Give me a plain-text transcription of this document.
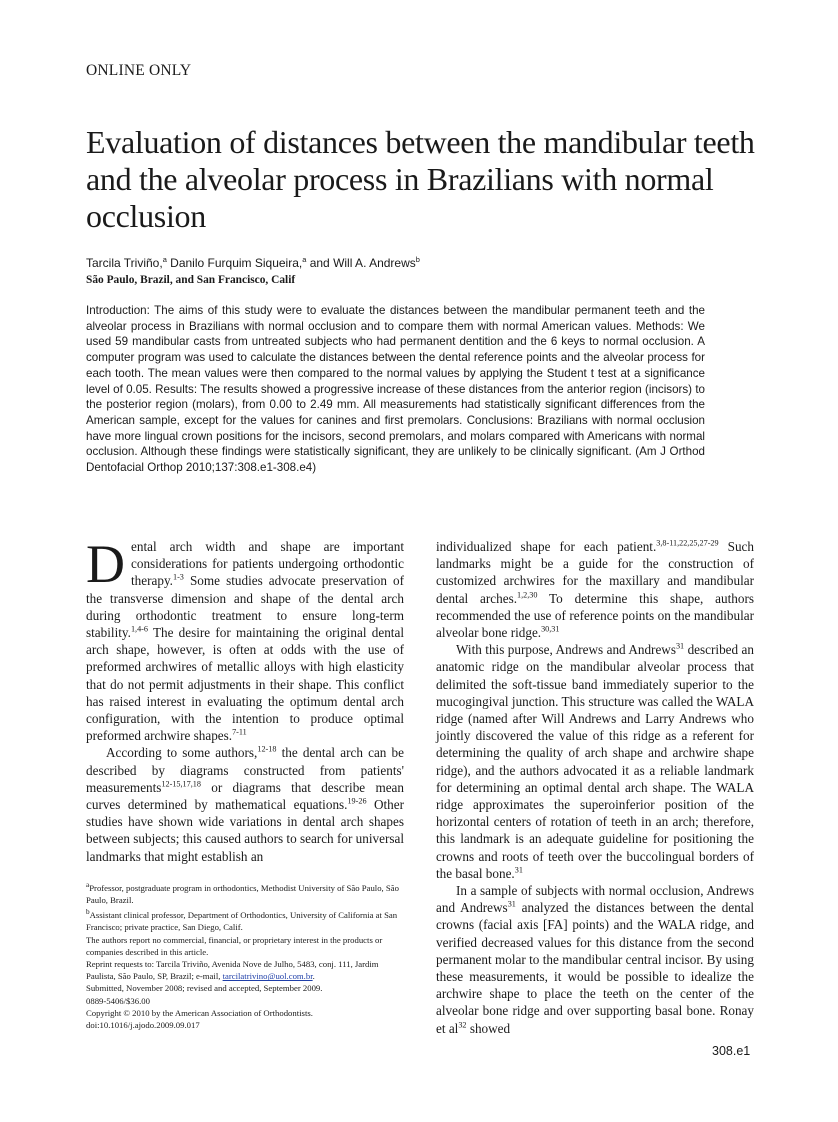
ONLINE ONLY
Evaluation of distances between the mandibular teeth and the alveolar process in Brazilians with normal occlusion
Tarcila Triviño,$^a$ Danilo Furquim Siqueira,$^a$ and Will A. Andrews$^b$
São Paulo, Brazil, and San Francisco, Calif

Introduction: The aims of this study were to evaluate the distances between the mandibular permanent teeth and the alveolar process in Brazilians with normal occlusion and to compare them with normal American values. Methods: We used 59 mandibular casts from untreated subjects who had permanent dentition and the 6 keys to normal occlusion. A computer program was used to calculate the distances between the dental reference points and the alveolar process for each tooth. The mean values were then compared to the normal values by applying the Student t test at a significance level of 0.05. Results: The results showed a progressive increase of these distances from the anterior region (incisors) to the posterior region (molars), from 0.00 to 2.49 mm. All measurements had statistically significant differences from the American sample, except for the values for canines and first premolars. Conclusions: Brazilians with normal occlusion have more lingual crown positions for the incisors, second premolars, and molars compared with Americans with normal occlusion. Although these findings were statistically significant, they are unlikely to be clinically significant. (Am J Orthod Dentofacial Orthop 2010;137:308.e1-308.e4)

Dental arch width and shape are important considerations for patients undergoing orthodontic therapy.$^{1-3}$ Some studies advocate preservation of the transverse dimension and shape of the dental arch during orthodontic treatment to ensure long-term stability.$^{1,4-6}$ The desire for maintaining the original dental arch shape, however, is often at odds with the use of preformed archwires of metallic alloys with high elasticity that do not permit adjustments in their shape. This conflict has raised interest in evaluating the optimum dental arch configuration, with the intention to produce optimal preformed archwire shapes.$^{7-11}$

According to some authors,$^{12-18}$ the dental arch can be described by diagrams constructed from patients' measurements$^{12-15,17,18}$ or diagrams that describe mean curves determined by mathematical equations.$^{19-26}$ Other studies have shown wide variations in dental arch shapes between subjects; this caused authors to search for universal landmarks that might establish an

individualized shape for each patient.$^{3,8-11,22,25,27-29}$ Such landmarks might be a guide for the construction of customized archwires for the maxillary and mandibular dental arches.$^{1,2,30}$ To determine this shape, authors recommended the use of reference points on the mandibular alveolar bone ridge.$^{30,31}$

With this purpose, Andrews and Andrews$^{31}$ described an anatomic ridge on the mandibular alveolar process that delimited the soft-tissue band immediately superior to the mucogingival junction. This structure was called the WALA ridge (named after Will Andrews and Larry Andrews who jointly discovered the value of this ridge as a referent for determining the quality of arch shape and archwire shape ridge), and the authors advocated it as a reliable landmark for determining an optimal dental arch shape. The WALA ridge approximates the superoinferior position of the horizontal centers of rotation of teeth in an arch; therefore, this landmark is an adequate guideline for positioning the crowns and roots of teeth over the buccolingual borders of the basal bone.$^{31}$

In a sample of subjects with normal occlusion, Andrews and Andrews$^{31}$ analyzed the distances between the dental crowns (facial axis [FA] points) and the WALA ridge, and verified decreased values for this distance from the second permanent molar to the mandibular central incisor. By using these measurements, it would be possible to idealize the archwire shape to place the teeth on the center of the alveolar bone ridge and over supporting basal bone. Ronay et $al^{32}$ showed

$^a$Professor, postgraduate program in orthodontics, Methodist University of São Paulo, São Paulo, Brazil.

$^b$Assistant clinical professor, Department of Orthodontics, University of California at San Francisco; private practice, San Diego, Calif.

The authors report no commercial, financial, or proprietary interest in the products or companies described in this article.

Reprint requests to: Tarcila Triviño, Avenida Nove de Julho, 5483, conj. 111, Jardim Paulista, São Paulo, SP, Brazil; e-mail, tarcilatrivino@uol.com.br.

Submitted, November 2008; revised and accepted, September 2009.

0889-5406/$36.00

Copyright © 2010 by the American Association of Orthodontists.

doi:10.1016/j.ajodo.2009.09.017

308.e1
